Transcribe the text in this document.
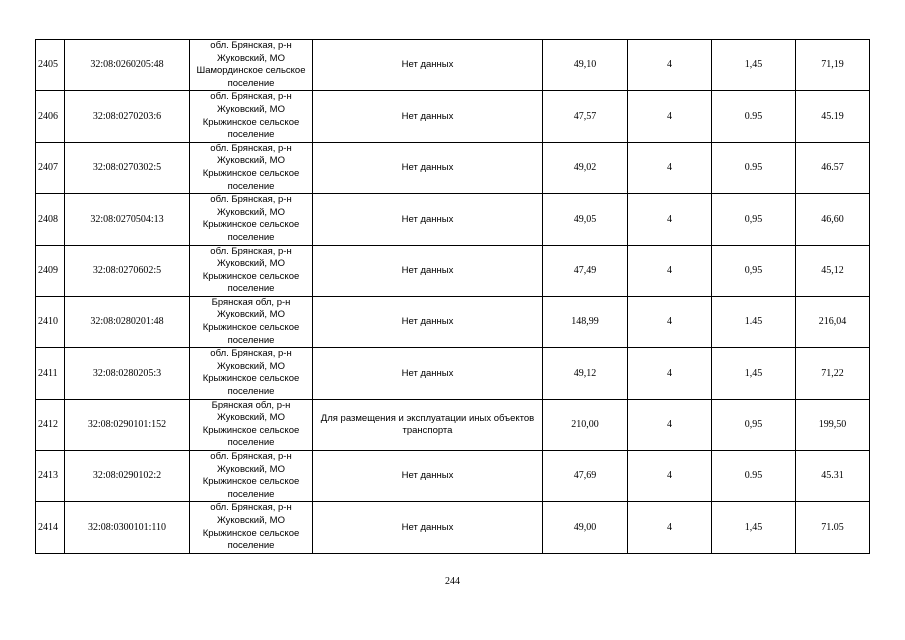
2405	32:08:0260205:48	обл. Брянская, р-н Жуковский, МО Шамординское сельское поселение	Нет данных	49,10	4	1,45	71,19
2406	32:08:0270203:6	обл. Брянская, р-н Жуковский, МО Крыжинское сельское поселение	Нет данных	47,57	4	0.95	45.19
2407	32:08:0270302:5	обл. Брянская, р-н Жуковский, МО Крыжинское сельское поселение	Нет данных	49,02	4	0.95	46.57
2408	32:08:0270504:13	обл. Брянская, р-н Жуковский, МО Крыжинское сельское поселение	Нет данных	49,05	4	0,95	46,60
2409	32:08:0270602:5	обл. Брянская, р-н Жуковский, МО Крыжинское сельское поселение	Нет данных	47,49	4	0,95	45,12
2410	32:08:0280201:48	Брянская обл, р-н Жуковский, МО Крыжинское сельское поселение	Нет данных	148,99	4	1.45	216,04
2411	32:08:0280205:3	обл. Брянская, р-н Жуковский, МО Крыжинское сельское поселение	Нет данных	49,12	4	1,45	71,22
2412	32:08:0290101:152	Брянская обл, р-н Жуковский, МО Крыжинское сельское поселение	Для размещения и эксплуатации иных объектов транспорта	210,00	4	0,95	199,50
2413	32:08:0290102:2	обл. Брянская, р-н Жуковский, МО Крыжинское сельское поселение	Нет данных	47,69	4	0.95	45.31
2414	32:08:0300101:110	обл. Брянская, р-н Жуковский, МО Крыжинское сельское поселение	Нет данных	49,00	4	1,45	71.05
244
